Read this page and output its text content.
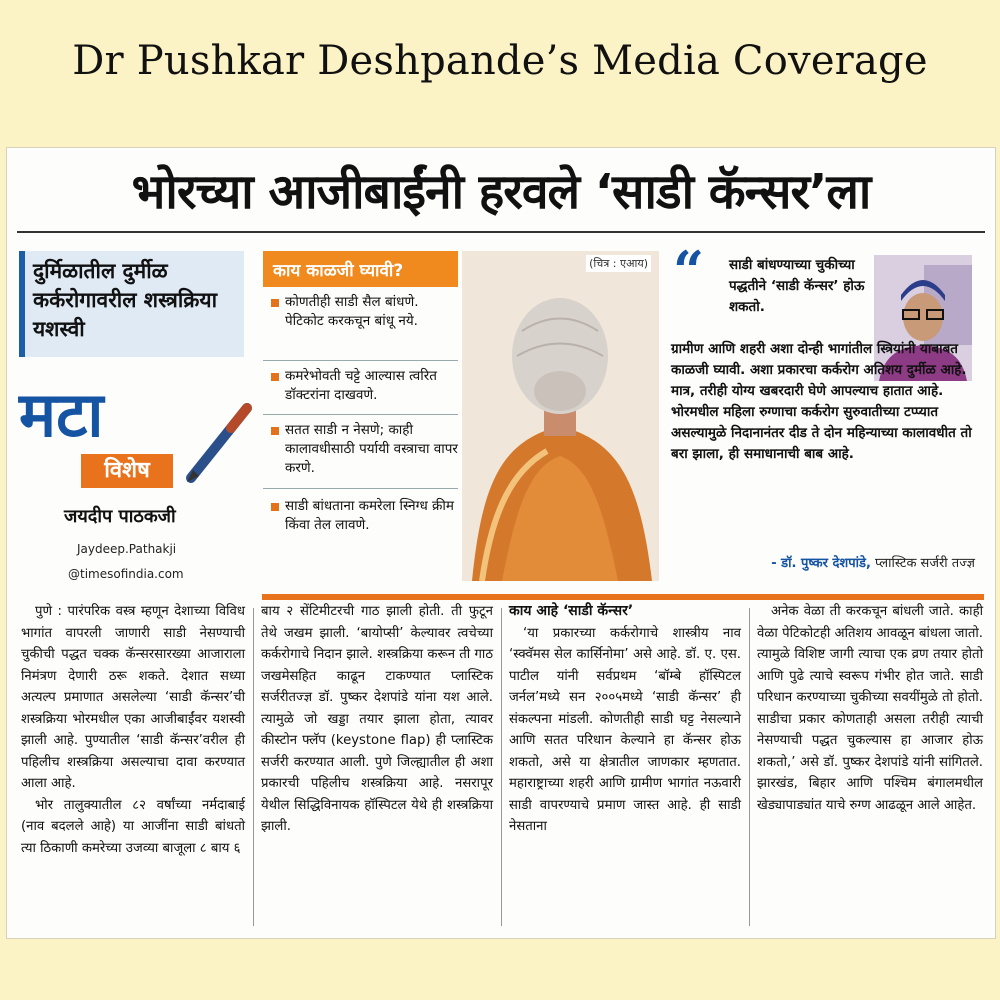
Dr Pushkar Deshpande’s Media Coverage
भोरच्या आजीबाईंनी हरवले ‘साडी कॅन्सर’ला
दुर्मिळातील दुर्मीळ कर्करोगावरील शस्त्रक्रिया यशस्वी
मटा
विशेष
जयदीप पाठकजी
Jaydeep.Pathakji
@timesofindia.com
काय काळजी घ्यावी?
कोणतीही साडी सैल बांधणे. पेटिकोट करकचून बांधू नये.
कमरेभोवती चट्टे आल्यास त्वरित डॉक्टरांना दाखवणे.
सतत साडी न नेसणे; काही कालावधीसाठी पर्यायी वस्त्राचा वापर करणे.
साडी बांधताना कमरेला स्निग्ध क्रीम किंवा तेल लावणे.
(चित्र : एआय) “ साडी बांधण्याच्या चुकीच्या पद्धतीने ‘साडी कॅन्सर’ होऊ शकतो.
ग्रामीण आणि शहरी अशा दोन्ही भागांतील स्त्रियांनी याबाबत काळजी घ्यावी. अशा प्रकारचा कर्करोग अतिशय दुर्मीळ आहे. मात्र, तरीही योग्य खबरदारी घेणे आपल्याच हातात आहे. भोरमधील महिला रुग्णाचा कर्करोग सुरुवातीच्या टप्प्यात असल्यामुळे निदानानंतर दीड ते दोन महिन्याच्या कालावधीत तो बरा झाला, ही समाधानाची बाब आहे.
- डॉ. पुष्कर देशपांडे, प्लास्टिक सर्जरी तज्ज्ञ

पुणे : पारंपरिक वस्त्र म्हणून देशाच्या विविध भागांत वापरली जाणारी साडी नेसण्याची चुकीची पद्धत चक्क कॅन्सरसारख्या आजाराला निमंत्रण देणारी ठरू शकते. देशात सध्या अत्यल्प प्रमाणात असलेल्या ‘साडी कॅन्सर’ची शस्त्रक्रिया भोरमधील एका आजीबाईंवर यशस्वी झाली आहे. पुण्यातील ‘साडी कॅन्सर’वरील ही पहिलीच शस्त्रक्रिया असल्याचा दावा करण्यात आला आहे.

भोर तालुक्यातील ८२ वर्षांच्या नर्मदाबाई (नाव बदलले आहे) या आजींना साडी बांधतो त्या ठिकाणी कमरेच्या उजव्या बाजूला ८ बाय ६

बाय २ सेंटिमीटरची गाठ झाली होती. ती फुटून तेथे जखम झाली. ‘बायोप्सी’ केल्यावर त्वचेच्या कर्करोगाचे निदान झाले. शस्त्रक्रिया करून ती गाठ जखमेसहित काढून टाकण्यात प्लास्टिक सर्जरीतज्ज्ञ डॉ. पुष्कर देशपांडे यांना यश आले. त्यामुळे जो खड्डा तयार झाला होता, त्यावर कीस्टोन फ्लॅप (keystone flap) ही प्लास्टिक सर्जरी करण्यात आली. पुणे जिल्ह्यातील ही अशा प्रकारची पहिलीच शस्त्रक्रिया आहे. नसरापूर येथील सिद्धिविनायक हॉस्पिटल येथे ही शस्त्रक्रिया झाली.

काय आहे ‘साडी कॅन्सर’

‘या प्रकारच्या कर्करोगाचे शास्त्रीय नाव ‘स्क्वॅमस सेल कार्सिनोमा’ असे आहे. डॉ. ए. एस. पाटील यांनी सर्वप्रथम ‘बॉम्बे हॉस्पिटल जर्नल’मध्ये सन २००५मध्ये ‘साडी कॅन्सर’ ही संकल्पना मांडली. कोणतीही साडी घट्ट नेसल्याने आणि सतत परिधान केल्याने हा कॅन्सर होऊ शकतो, असे या क्षेत्रातील जाणकार म्हणतात. महाराष्ट्राच्या शहरी आणि ग्रामीण भागांत नऊवारी साडी वापरण्याचे प्रमाण जास्त आहे. ही साडी नेसताना

अनेक वेळा ती करकचून बांधली जाते. काही वेळा पेटिकोटही अतिशय आवळून बांधला जातो. त्यामुळे विशिष्ट जागी त्याचा एक व्रण तयार होतो आणि पुढे त्याचे स्वरूप गंभीर होत जाते. साडी परिधान करण्याच्या चुकीच्या सवयींमुळे तो होतो. साडीचा प्रकार कोणताही असला तरीही त्याची नेसण्याची पद्धत चुकल्यास हा आजार होऊ शकतो,’ असे डॉ. पुष्कर देशपांडे यांनी सांगितले. झारखंड, बिहार आणि पश्चिम बंगालमधील खेड्यापाड्यांत याचे रुग्ण आढळून आले आहेत.
